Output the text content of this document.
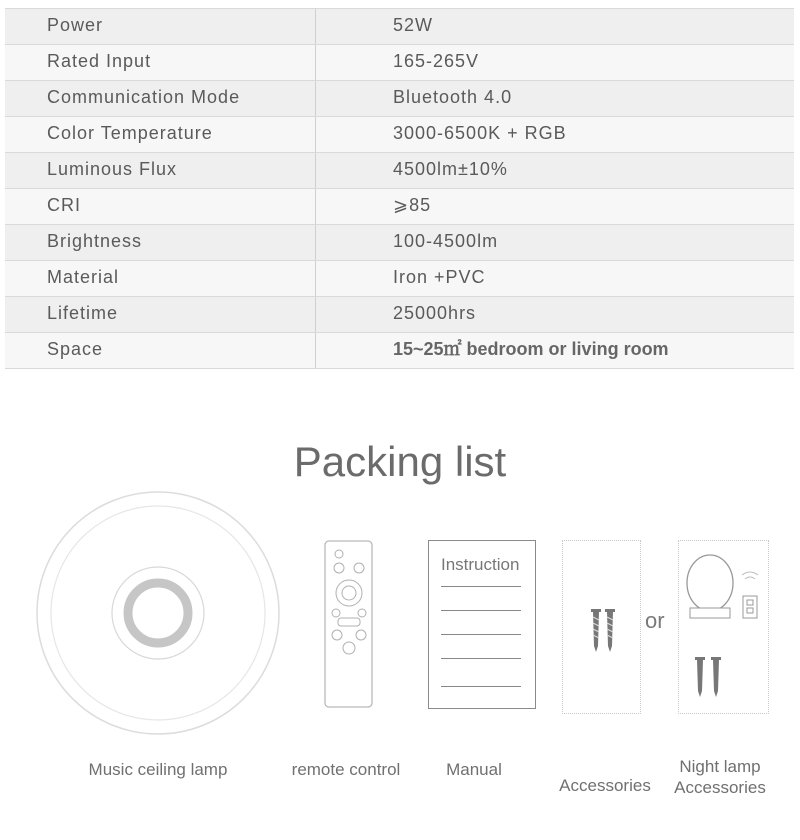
Power	52W
Rated Input	165-265V
Communication Mode	Bluetooth 4.0
Color Temperature	3000-6500K + RGB
Luminous Flux	4500lm±10%
CRI	⩾85
Brightness	100-4500lm
Material	Iron +PVC
Lifetime	25000hrs
Space	15~25㎡ bedroom or living room
Packing list
Instruction
or
Music ceiling lamp	remote control	Manual
Accessories
Night lamp
Accessories
